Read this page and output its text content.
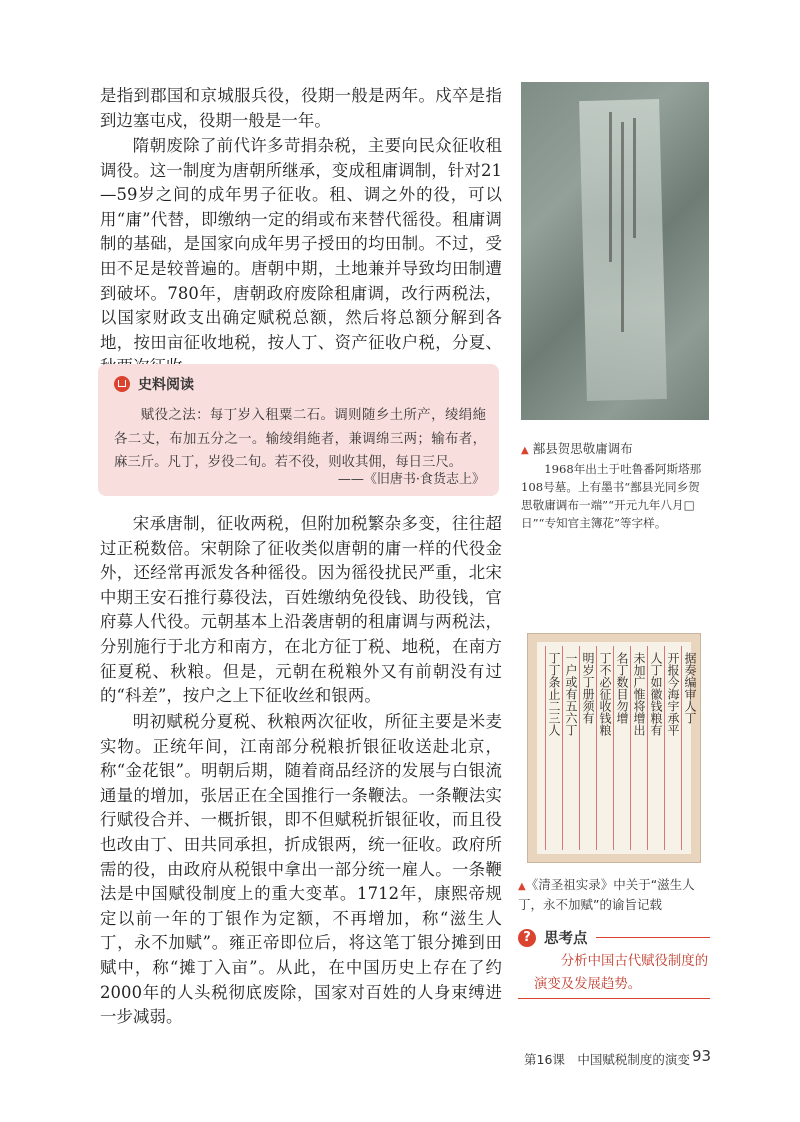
是指到郡国和京城服兵役，役期一般是两年。戍卒是指到边塞屯戍，役期一般是一年。

隋朝废除了前代许多苛捐杂税，主要向民众征收租调役。这一制度为唐朝所继承，变成租庸调制，针对21—59岁之间的成年男子征收。租、调之外的役，可以用“庸”代替，即缴纳一定的绢或布来替代徭役。租庸调制的基础，是国家向成年男子授田的均田制。不过，受田不足是较普遍的。唐朝中期，土地兼并导致均田制遭到破坏。780年，唐朝政府废除租庸调，改行两税法，以国家财政支出确定赋税总额，然后将总额分解到各地，按田亩征收地税，按人丁、资产征收户税，分夏、

史料阅读

赋役之法：每丁岁入租粟二石。调则随乡土所产，绫绢絁各二丈，布加五分之一。输绫绢絁者，兼调绵三两；输布者，麻三斤。凡丁，岁役二旬。若不役，则收其佣，每日三尺。

——《旧唐书·食货志上》

宋承唐制，征收两税，但附加税繁杂多变，往往超过正税数倍。宋朝除了征收类似唐朝的庸一样的代役金外，还经常再派发各种徭役。因为徭役扰民严重，北宋中期王安石推行募役法，百姓缴纳免役钱、助役钱，官府募人代役。元朝基本上沿袭唐朝的租庸调与两税法，分别施行于北方和南方，在北方征丁税、地税，在南方征夏税、秋粮。但是，元朝在税粮外又有前朝没有过的“科差”，按户之上下征收丝和银两。

明初赋税分夏税、秋粮两次征收，所征主要是米麦实物。正统年间，江南部分税粮折银征收送赴北京，称“金花银”。明朝后期，随着商品经济的发展与白银流通量的增加，张居正在全国推行一条鞭法。一条鞭法实行赋役合并、一概折银，即不但赋税折银征收，而且役也改由丁、田共同承担，折成银两，统一征收。政府所需的役，由政府从税银中拿出一部分统一雇人。一条鞭法是中国赋役制度上的重大变革。1712年，康熙帝规定以前一年的丁银作为定额，不再增加，称“滋生人丁，永不加赋”。雍正帝即位后，将这笔丁银分摊到田赋中，称“摊丁入亩”。从此，在中国历史上存在了约2000年的人头税彻底废除，国家对百姓的人身束缚进一步减弱。

▲ 鄯县贺思敬庸调布

1968年出土于吐鲁番阿斯塔那108号墓。上有墨书“鄯县光同乡贺思敬庸调布一端”“开元九年八月□日”“专知官主簿花”等字样。

丁丁条止二三人 一户或有五六丁 明岁丁册须有 丁不必征收钱粮 名丁数目勿增 未加广惟将增出 人丁如徽钱粮有 开报今海宇承平 据奏编审人丁
▲《清圣祖实录》中关于“滋生人丁，永不加赋”的谕旨记载
? 思考点

分析中国古代赋役制度的演变及发展趋势。

第16课　中国赋税制度的演变 93
